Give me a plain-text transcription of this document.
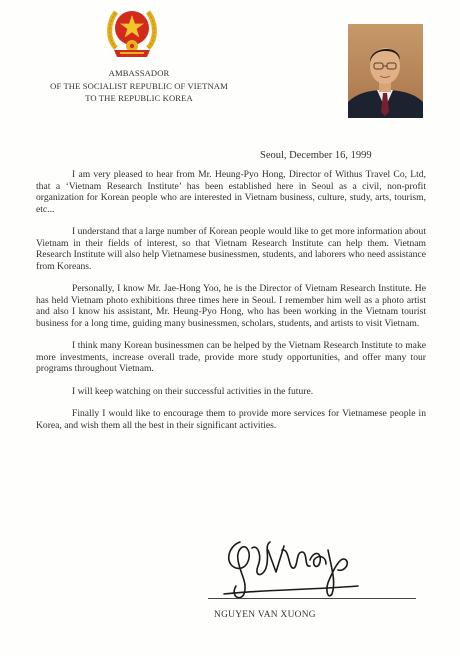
AMBASSADOR
OF THE SOCIALIST REPUBLIC OF VIETNAM
TO THE REPUBLIC KOREA
Seoul, December 16, 1999

I am very pleased to hear from Mr. Heung-Pyo Hong, Director of Withus Travel Co, Ltd, that a ‘Vietnam Research Institute’ has been established here in Seoul as a civil, non-profit organization for Korean people who are interested in Vietnam business, culture, study, arts, tourism, etc...

I understand that a large number of Korean people would like to get more information about Vietnam in their fields of interest, so that Vietnam Research Institute can help them. Vietnam Research Institute will also help Vietnamese businessmen, students, and laborers who need assistance from Koreans.

Personally, I know Mr. Jae-Hong Yoo, he is the Director of Vietnam Research Institute. He has held Vietnam photo exhibitions three times here in Seoul. I remember him well as a photo artist and also I know his assistant, Mr. Heung-Pyo Hong, who has been working in the Vietnam tourist business for a long time, guiding many businessmen, scholars, students, and artists to visit Vietnam.

I think many Korean businessmen can be helped by the Vietnam Research Institute to make more investments, increase overall trade, provide more study opportunities, and offer many tour programs throughout Vietnam.

I will keep watching on their successful activities in the future.

Finally I would like to encourage them to provide more services for Vietnamese people in Korea, and wish them all the best in their significant activities.

NGUYEN VAN XUONG
